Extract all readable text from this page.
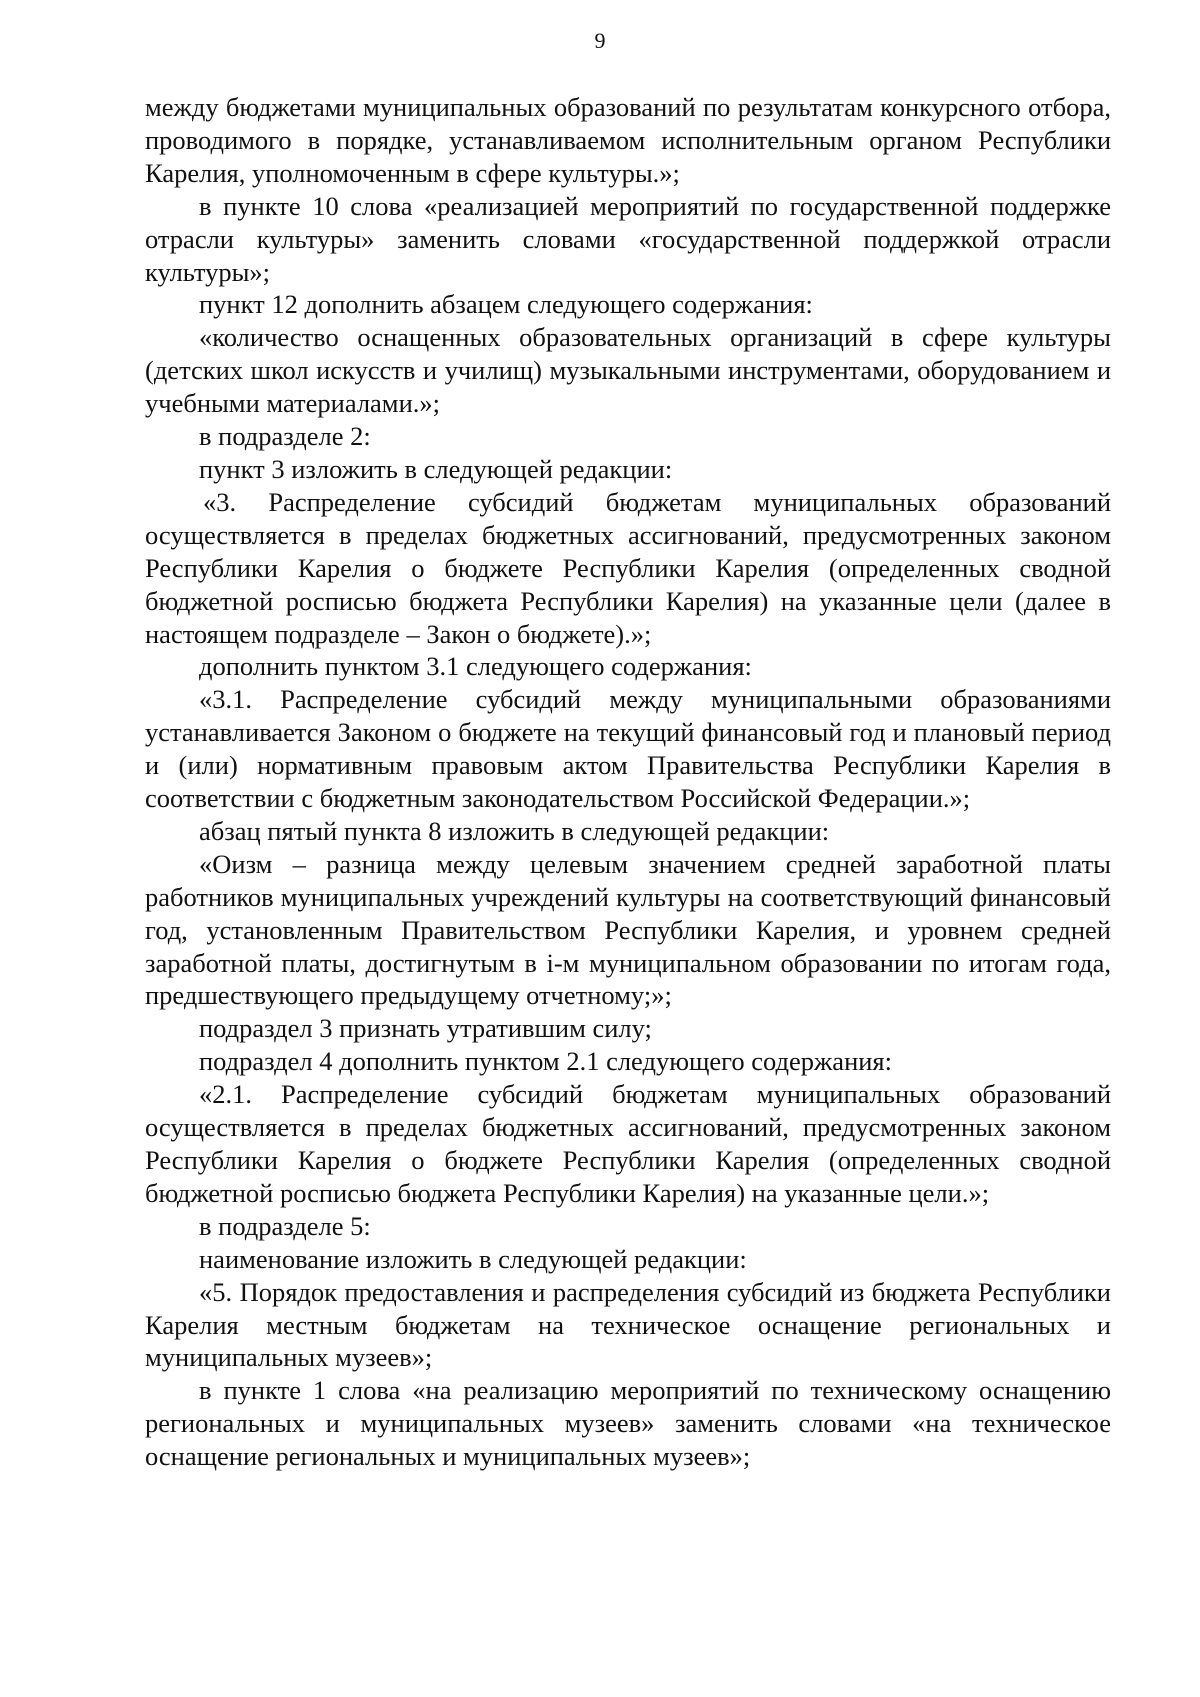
9

между бюджетами муниципальных образований по результатам конкурсного отбора, проводимого в порядке, устанавливаемом исполнительным органом Республики Карелия, уполномоченным в сфере культуры.»;

в пункте 10 слова «реализацией мероприятий по государственной поддержке отрасли культуры» заменить словами «государственной поддержкой отрасли культуры»;

пункт 12 дополнить абзацем следующего содержания:

«количество оснащенных образовательных организаций в сфере культуры (детских школ искусств и училищ) музыкальными инструментами, оборудованием и учебными материалами.»;

в подразделе 2:

пункт 3 изложить в следующей редакции:

«3. Распределение субсидий бюджетам муниципальных образований осуществляется в пределах бюджетных ассигнований, предусмотренных законом Республики Карелия о бюджете Республики Карелия (определенных сводной бюджетной росписью бюджета Республики Карелия) на указанные цели (далее в настоящем подразделе – Закон о бюджете).»;

дополнить пунктом 3.1 следующего содержания:

«3.1. Распределение субсидий между муниципальными образованиями устанавливается Законом о бюджете на текущий финансовый год и плановый период и (или) нормативным правовым актом Правительства Республики Карелия в соответствии с бюджетным законодательством Российской Федерации.»;

абзац пятый пункта 8 изложить в следующей редакции:

«Оизм – разница между целевым значением средней заработной платы работников муниципальных учреждений культуры на соответствующий финансовый год, установленным Правительством Республики Карелия, и уровнем средней заработной платы, достигнутым в i-м муниципальном образовании по итогам года, предшествующего предыдущему отчетному;»;

подраздел 3 признать утратившим силу;

подраздел 4 дополнить пунктом 2.1 следующего содержания:

«2.1. Распределение субсидий бюджетам муниципальных образований осуществляется в пределах бюджетных ассигнований, предусмотренных законом Республики Карелия о бюджете Республики Карелия (определенных сводной бюджетной росписью бюджета Республики Карелия) на указанные цели.»;

в подразделе 5:

наименование изложить в следующей редакции:

«5. Порядок предоставления и распределения субсидий из бюджета Республики Карелия местным бюджетам на техническое оснащение региональных и муниципальных музеев»;

в пункте 1 слова «на реализацию мероприятий по техническому оснащению региональных и муниципальных музеев» заменить словами «на техническое оснащение региональных и муниципальных музеев»;
